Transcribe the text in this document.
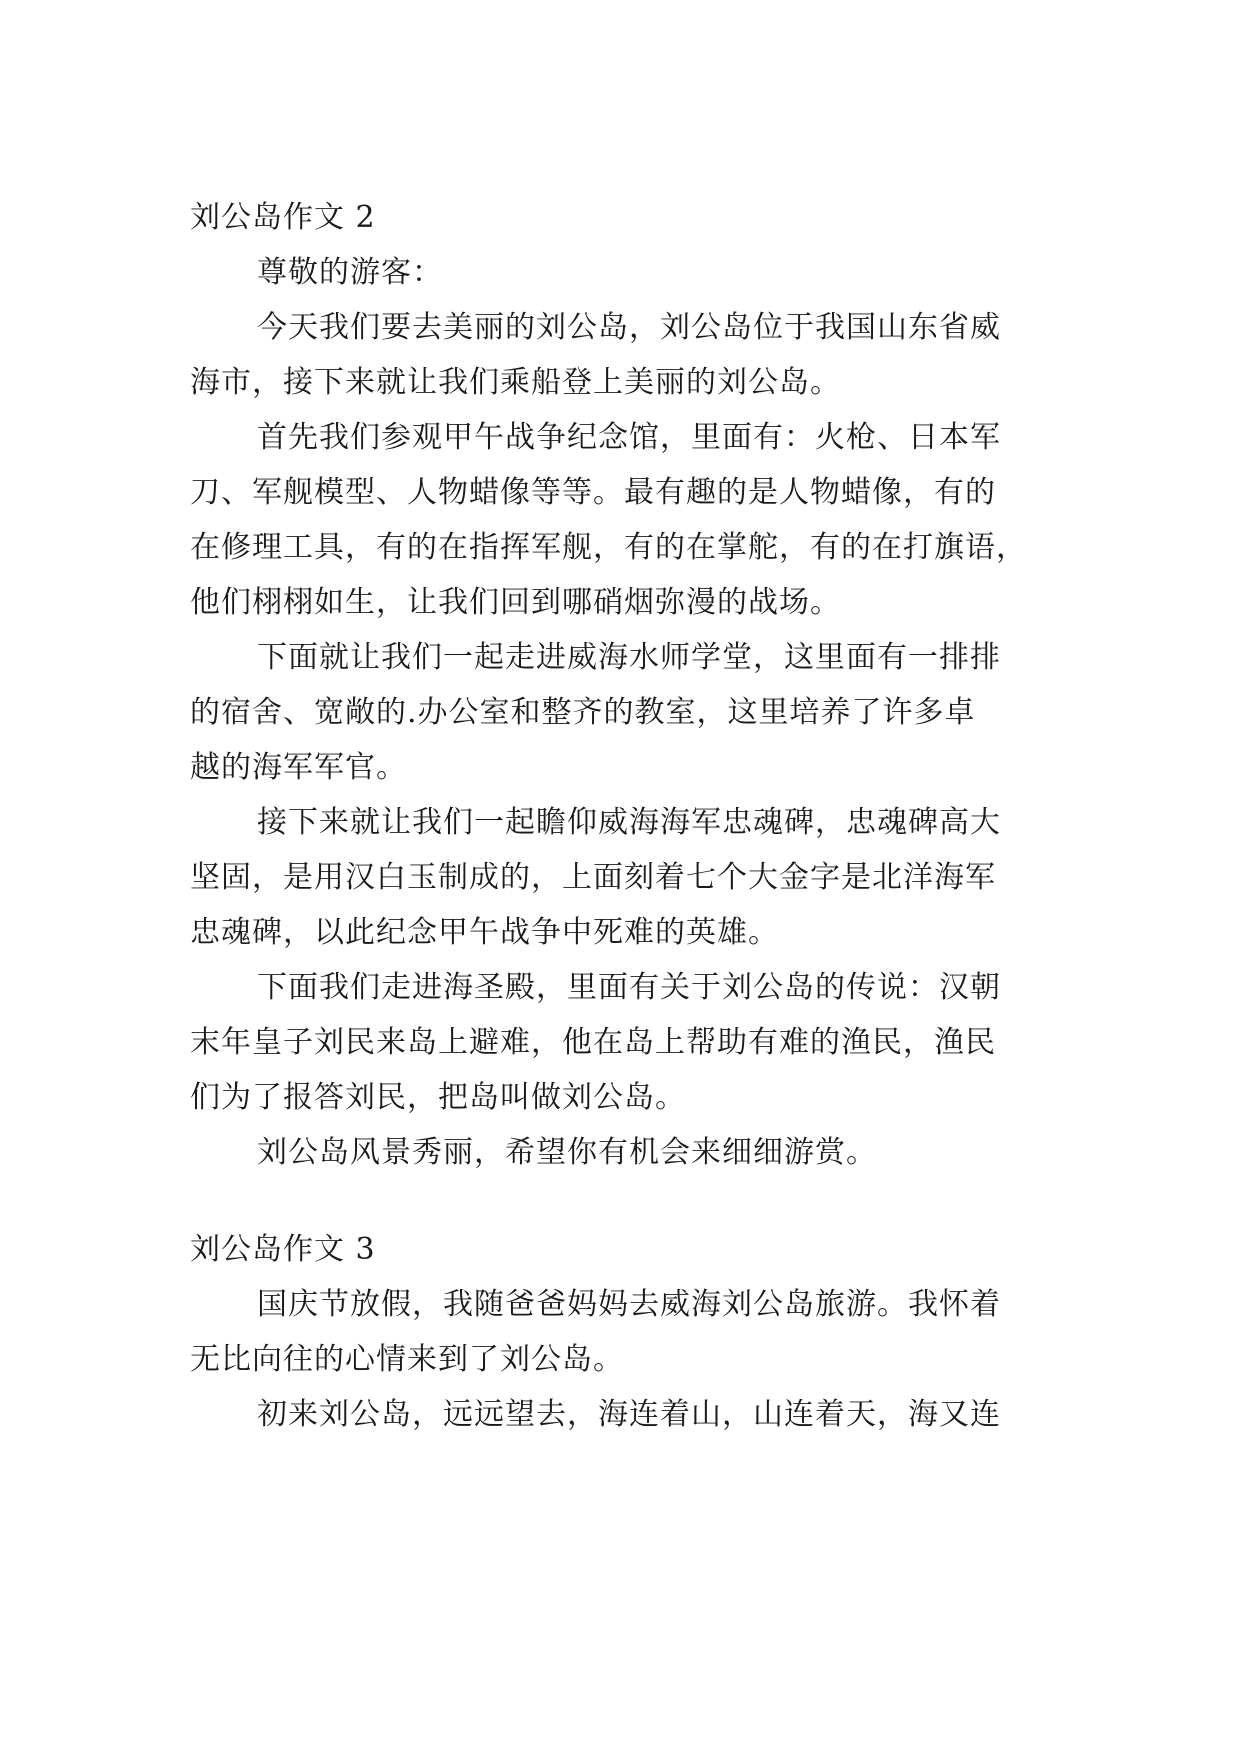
刘公岛作文 2
尊敬的游客：
今天我们要去美丽的刘公岛，刘公岛位于我国山东省威
海市，接下来就让我们乘船登上美丽的刘公岛。
首先我们参观甲午战争纪念馆，里面有：火枪、日本军
刀、军舰模型、人物蜡像等等。最有趣的是人物蜡像，有的
在修理工具，有的在指挥军舰，有的在掌舵，有的在打旗语，
他们栩栩如生，让我们回到哪硝烟弥漫的战场。
下面就让我们一起走进威海水师学堂，这里面有一排排
的宿舍、宽敞的.办公室和整齐的教室，这里培养了许多卓
越的海军军官。
接下来就让我们一起瞻仰威海海军忠魂碑，忠魂碑高大
坚固，是用汉白玉制成的，上面刻着七个大金字是北洋海军
忠魂碑，以此纪念甲午战争中死难的英雄。
下面我们走进海圣殿，里面有关于刘公岛的传说：汉朝
末年皇子刘民来岛上避难，他在岛上帮助有难的渔民，渔民
们为了报答刘民，把岛叫做刘公岛。
刘公岛风景秀丽，希望你有机会来细细游赏。
刘公岛作文 3
国庆节放假，我随爸爸妈妈去威海刘公岛旅游。我怀着
无比向往的心情来到了刘公岛。
初来刘公岛，远远望去，海连着山，山连着天，海又连
